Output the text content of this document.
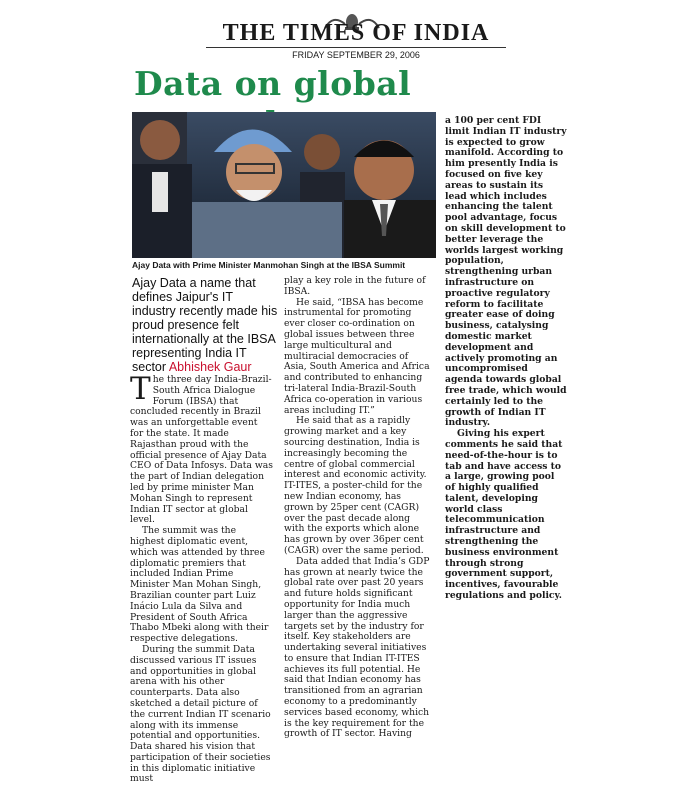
THE TIMES OF INDIA
FRIDAY SEPTEMBER 29, 2006
Data on global
Ajay Data with Prime Minister Manmohan Singh at the IBSA Summit
Ajay Data a name that defines Jaipur's IT industry recently made his proud presence felt internationally at the IBSA representing India IT sector Abhishek Gaur

The three day India-Brazil-South Africa Dialogue Forum (IBSA) that concluded recently in Brazil was an unforgettable event for the state. It made Rajasthan proud with the official presence of Ajay Data CEO of Data Infosys. Data was the part of Indian delegation led by prime minister Man Mohan Singh to represent Indian IT sector at global level.

The summit was the highest diplomatic event, which was attended by three diplomatic premiers that included Indian Prime Minister Man Mohan Singh, Brazilian counter part Luiz Inácio Lula da Silva and President of South Africa Thabo Mbeki along with their respective delegations.

During the summit Data discussed various IT issues and opportunities in global arena with his other counterparts. Data also sketched a detail picture of the current Indian IT scenario along with its immense potential and opportunities. Data shared his vision that participation of their societies in this diplomatic initiative must

play a key role in the future of IBSA.

He said, “IBSA has become instrumental for promoting ever closer co-ordination on global issues between three large multicultural and multiracial democracies of Asia, South America and Africa and contributed to enhancing tri-lateral India-Brazil-South Africa co-operation in various areas including IT.”

He said that as a rapidly growing market and a key sourcing destination, India is increasingly becoming the centre of global commercial interest and economic activity. IT-ITES, a poster-child for the new Indian economy, has grown by 25per cent (CAGR) over the past decade along with the exports which alone has grown by over 36per cent (CAGR) over the same period.

Data added that India’s GDP has grown at nearly twice the global rate over past 20 years and future holds significant opportunity for India much larger than the aggressive targets set by the industry for itself. Key stakeholders are undertaking several initiatives to ensure that Indian IT-ITES achieves its full potential. He said that Indian economy has transitioned from an agrarian economy to a predominantly services based economy, which is the key requirement for the growth of IT sector. Having

a 100 per cent FDI limit Indian IT industry is expected to grow manifold. According to him presently India is focused on five key areas to sustain its lead which includes enhancing the talent pool advantage, focus on skill development to better leverage the worlds largest working population, strengthening urban infrastructure on proactive regulatory reform to facilitate greater ease of doing business, catalysing domestic market development and actively promoting an uncompromised agenda towards global free trade, which would certainly led to the growth of Indian IT industry.

Giving his expert comments he said that need-of-the-hour is to tab and have access to a large, growing pool of highly qualified talent, developing world class telecommunication infrastructure and strengthening the business environment through strong government support, incentives, favourable regulations and policy.
